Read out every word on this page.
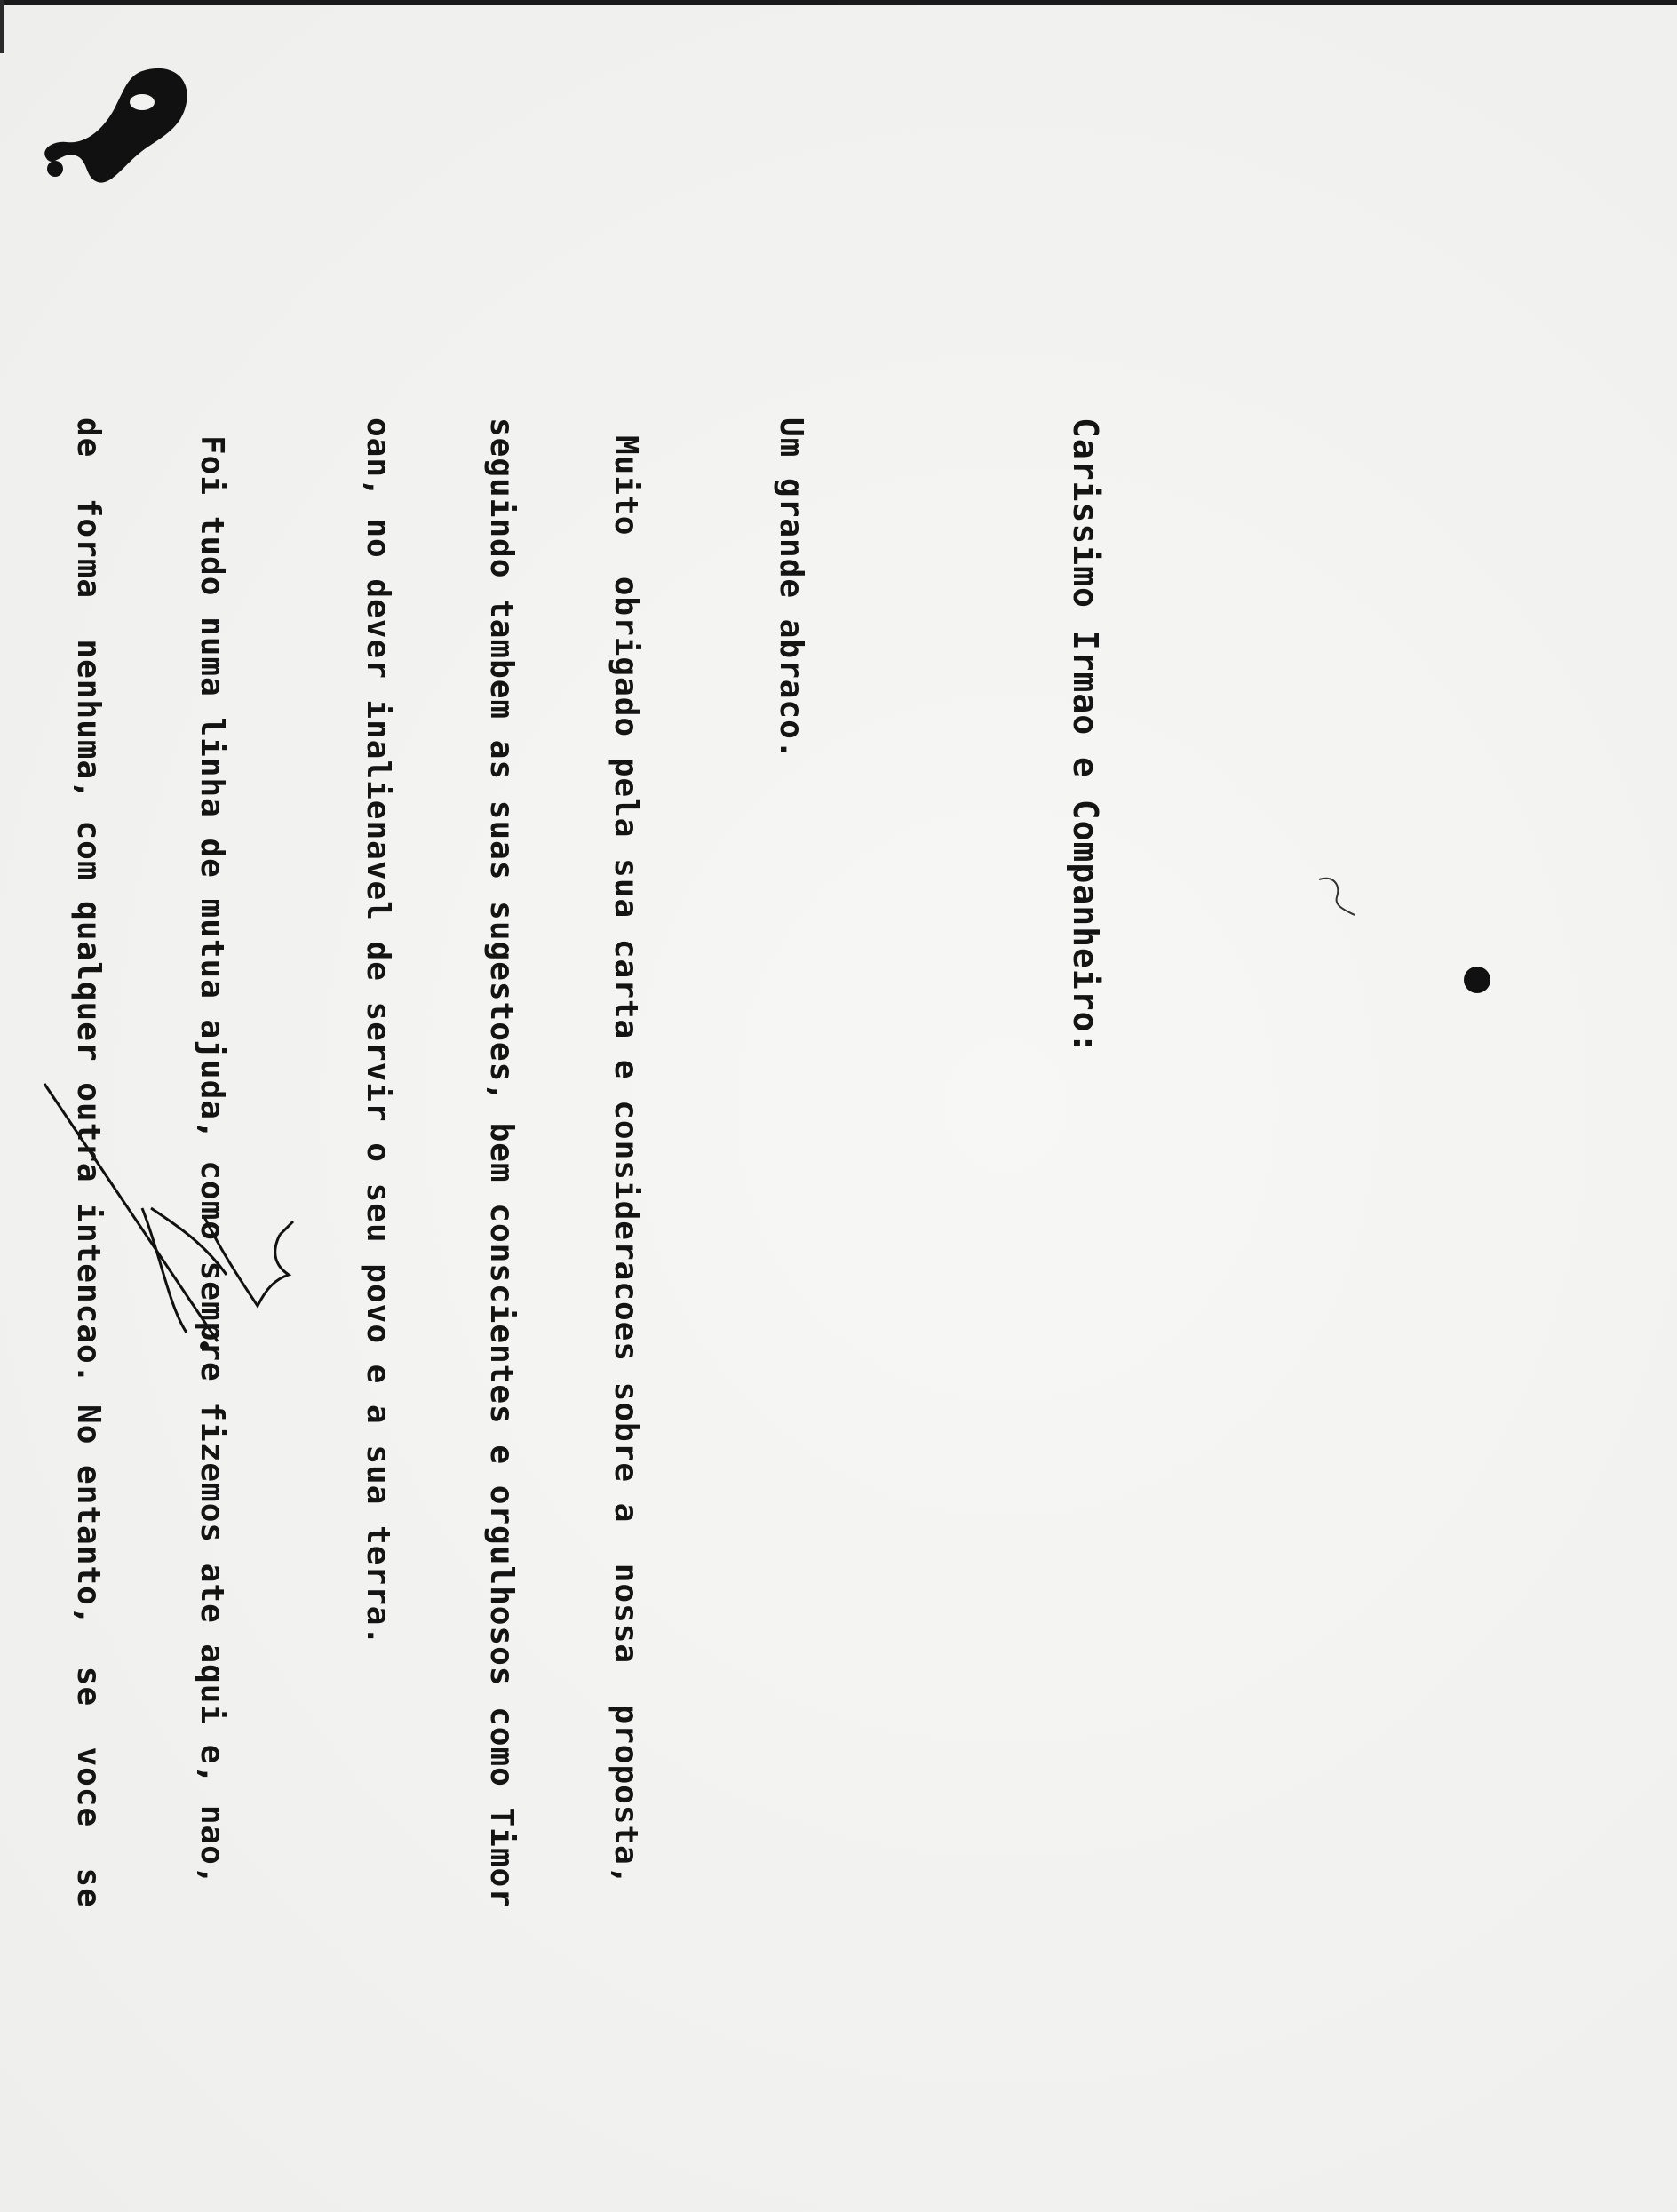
Carissimo Irmao e Companheiro:

Um grande abraco.

Muito  obrigado pela sua carta e consideracoes sobre a  nossa  proposta,

seguindo tambem as suas sugestoes, bem conscientes e orgulhosos como Timor

oan, no dever inalienavel de servir o seu povo e a sua terra.

Foi tudo numa linha de mutua ajuda, como sempre fizemos ate aqui e, nao,

de  forma  nenhuma, com qualquer outra intencao. No entanto,  se  voce  se
